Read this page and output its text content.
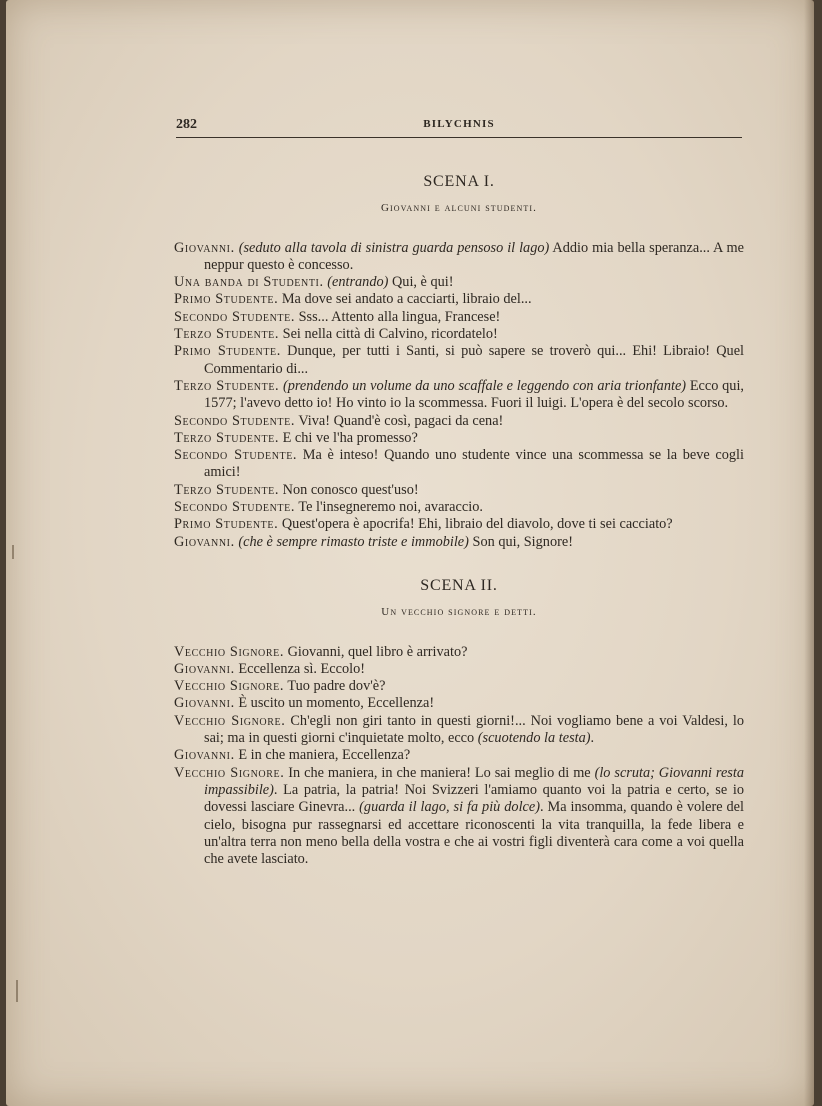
282	BILYCHNIS
SCENA I.
Giovanni e alcuni studenti.

Giovanni. (seduto alla tavola di sinistra guarda pensoso il lago) Addio mia bella speranza... A me neppur questo è concesso.

Una banda di Studenti. (entrando) Qui, è qui!

Primo Studente. Ma dove sei andato a cacciarti, libraio del...

Secondo Studente. Sss... Attento alla lingua, Francese!

Terzo Studente. Sei nella città di Calvino, ricordatelo!

Primo Studente. Dunque, per tutti i Santi, si può sapere se troverò qui... Ehi! Libraio! Quel Commentario di...

Terzo Studente. (prendendo un volume da uno scaffale e leggendo con aria trionfante) Ecco qui, 1577; l'avevo detto io! Ho vinto io la scommessa. Fuori il luigi. L'opera è del secolo scorso.

Secondo Studente. Viva! Quand'è così, pagaci da cena!

Terzo Studente. E chi ve l'ha promesso?

Secondo Studente. Ma è inteso! Quando uno studente vince una scommessa se la beve cogli amici!

Terzo Studente. Non conosco quest'uso!

Secondo Studente. Te l'insegneremo noi, avaraccio.

Primo Studente. Quest'opera è apocrifa! Ehi, libraio del diavolo, dove ti sei cacciato?

Giovanni. (che è sempre rimasto triste e immobile) Son qui, Signore!

SCENA II.
Un vecchio signore e detti.

Vecchio Signore. Giovanni, quel libro è arrivato?

Giovanni. Eccellenza sì. Eccolo!

Vecchio Signore. Tuo padre dov'è?

Giovanni. È uscito un momento, Eccellenza!

Vecchio Signore. Ch'egli non giri tanto in questi giorni!... Noi vogliamo bene a voi Valdesi, lo sai; ma in questi giorni c'inquietate molto, ecco (scuotendo la testa).

Giovanni. E in che maniera, Eccellenza?

Vecchio Signore. In che maniera, in che maniera! Lo sai meglio di me (lo scruta; Giovanni resta impassibile). La patria, la patria! Noi Svizzeri l'amiamo quanto voi la patria e certo, se io dovessi lasciare Ginevra... (guarda il lago, si fa più dolce). Ma insomma, quando è volere del cielo, bisogna pur rassegnarsi ed accettare riconoscenti la vita tranquilla, la fede libera e un'altra terra non meno bella della vostra e che ai vostri figli diventerà cara come a voi quella che avete lasciato.
